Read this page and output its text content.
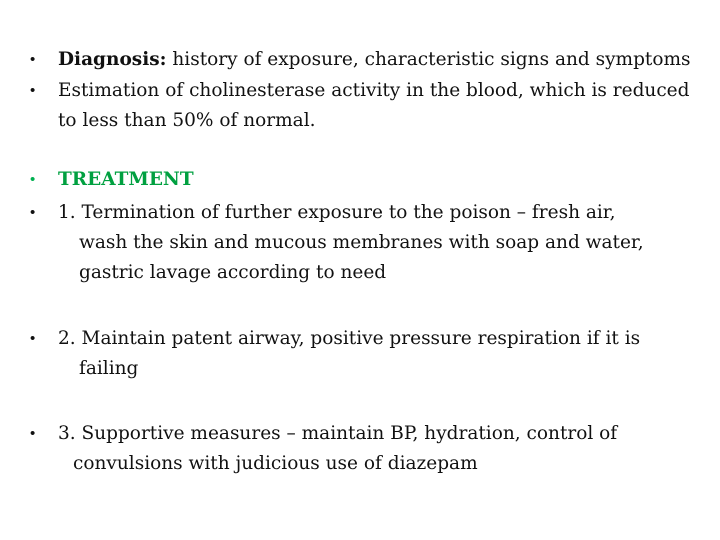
•	Diagnosis: history of exposure, characteristic signs and symptoms
•	Estimation of cholinesterase activity in the blood, which is reduced
to less than 50% of normal.
•	TREATMENT
•	1. Termination of further exposure to the poison – fresh air,
wash the skin and mucous membranes with soap and water,
gastric lavage according to need
•	2. Maintain patent airway, positive pressure respiration if it is
failing
•	3. Supportive measures – maintain BP, hydration, control of
convulsions with judicious use of diazepam
